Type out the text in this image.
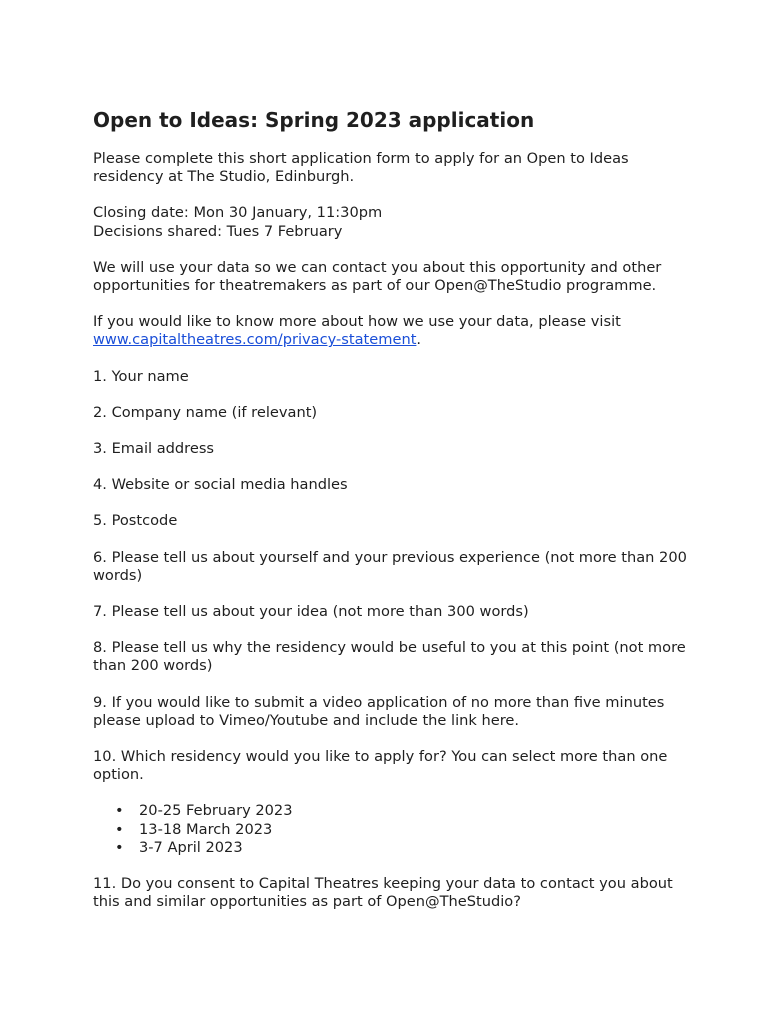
Open to Ideas: Spring 2023 application

Please complete this short application form to apply for an Open to Ideas residency at The Studio, Edinburgh.

Closing date: Mon 30 January, 11:30pm
Decisions shared: Tues 7 February

We will use your data so we can contact you about this opportunity and other opportunities for theatremakers as part of our Open@TheStudio programme.

If you would like to know more about how we use your data, please visit www.capitaltheatres.com/privacy-statement.

1. Your name

2. Company name (if relevant)

3. Email address

4. Website or social media handles

5. Postcode

6. Please tell us about yourself and your previous experience (not more than 200 words)

7. Please tell us about your idea (not more than 300 words)

8. Please tell us why the residency would be useful to you at this point (not more than 200 words)

9. If you would like to submit a video application of no more than five minutes please upload to Vimeo/Youtube and include the link here.

10. Which residency would you like to apply for? You can select more than one option.

• 20-25 February 2023
• 13-18 March 2023
• 3-7 April 2023

11. Do you consent to Capital Theatres keeping your data to contact you about this and similar opportunities as part of Open@TheStudio?
